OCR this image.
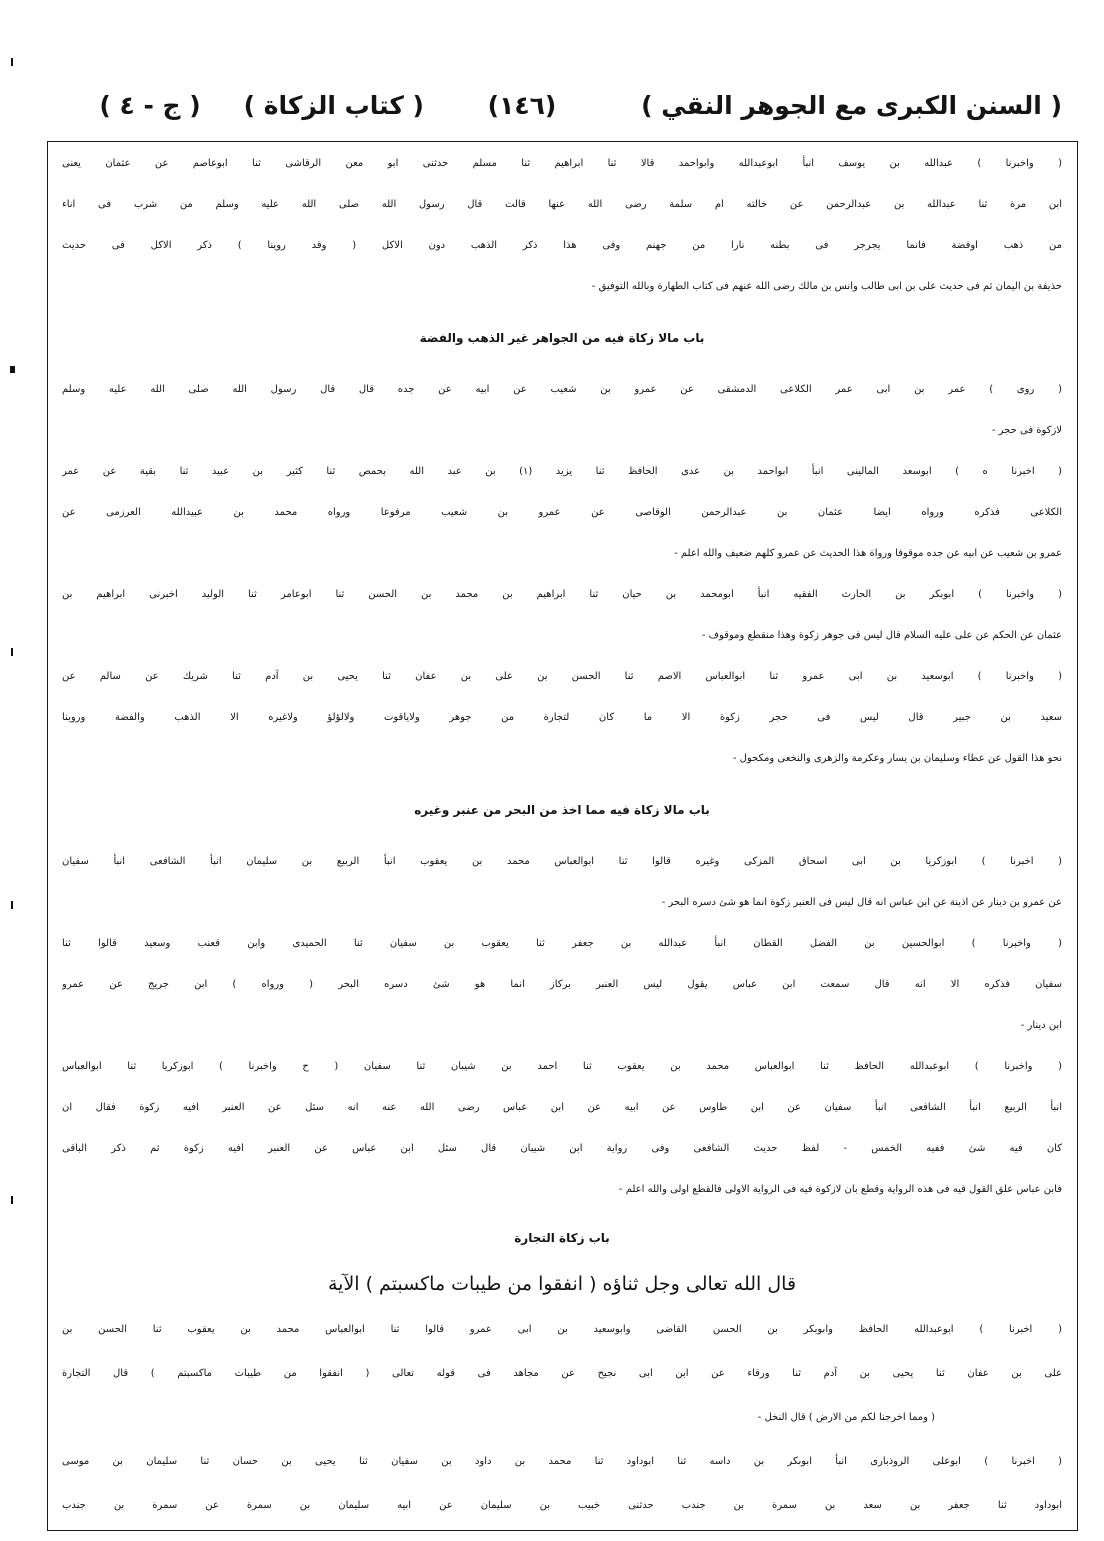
( السنن الكبرى مع الجوهر النقي )
(١٤٦)
( كتاب الزكاة )
( ج - ٤ )
( واخبرنا ) عبدالله بن يوسف انبأ ابوعبدالله وابواحمد قالا ثنا ابراهيم ثنا مسلم حدثنى ابو معن الرقاشى ثنا ابوعاصم عن عثمان يعنى
ابن مرة ثنا عبدالله بن عبدالرحمن عن خالته ام سلمة رضى الله عنها قالت قال رسول الله صلى الله عليه وسلم من شرب فى اناء
من ذهب اوفضة فانما يجرجر فى بطنه نارا من جهنم وفى هذا ذكر الذهب دون الاكل ( وقد روينا ) ذكر الاكل فى حديث
حذيفة بن اليمان ثم فى حديث على بن ابى طالب وانس بن مالك رضى الله عنهم فى كتاب الطهارة وبالله التوفيق -
باب مالا زكاة فيه من الجواهر غير الذهب والفضة
( روى ) عمر بن ابى عمر الكلاعى الدمشقى عن عمرو بن شعيب عن ابيه عن جده قال قال رسول الله صلى الله عليه وسلم
لازكوة فى حجر -
( اخبرنا ه ) ابوسعد المالينى انبأ ابواحمد بن عدى الحافظ ثنا يزيد (١) بن عبد الله بحمص ثنا كثير بن عبيد ثنا بقية عن عمر
الكلاعى فذكره ورواه ايضا عثمان بن عبدالرحمن الوقاصى عن عمرو بن شعيب مرفوعا ورواه محمد بن عبيدالله العرزمى عن
عمرو بن شعيب عن ابيه عن جده موقوفا ورواة هذا الحديث عن عمرو كلهم ضعيف والله اعلم -
( واخبرنا ) ابوبكر بن الحارث الفقيه انبأ ابومحمد بن حيان ثنا ابراهيم بن محمد بن الحسن ثنا ابوعامر ثنا الوليد اخبرنى ابراهيم بن
عثمان عن الحكم عن على عليه السلام قال ليس فى جوهر زكوة وهذا منقطع وموقوف -
( واخبرنا ) ابوسعيد بن ابى عمرو ثنا ابوالعباس الاصم ثنا الحسن بن على بن عفان ثنا يحيى بن آدم ثنا شريك عن سالم عن
سعيد بن جبير قال ليس فى حجر زكوة الا ما كان لتجارة من جوهر ولاياقوت ولالؤلؤ ولاغيره الا الذهب والفضة وروينا
نحو هذا القول عن عطاء وسليمان بن يسار وعكرمة والزهرى والنخعى ومكحول -
باب مالا زكاة فيه مما اخذ من البحر من عنبر وغيره
( اخبرنا ) ابوزكريا بن ابى اسحاق المزكى وغيره قالوا ثنا ابوالعباس محمد بن يعقوب انبأ الربيع بن سليمان انبأ الشافعى انبأ سفيان
عن عمرو بن دينار عن اذينة عن ابن عباس انه قال ليس فى العنبر زكوة انما هو شئ دسره البحر -
( واخبرنا ) ابوالحسين بن الفضل القطان انبأ عبدالله بن جعفر ثنا يعقوب بن سفيان ثنا الحميدى وابن قعنب وسعيد قالوا ثنا
سفيان فذكره الا انه قال سمعت ابن عباس يقول ليس العنبر بركاز انما هو شئ دسره البحر ( ورواه ) ابن جريج عن عمرو
ابن دينار -
( واخبرنا ) ابوعبدالله الحافظ ثنا ابوالعباس محمد بن يعقوب ثنا احمد بن شيبان ثنا سفيان ( ح واخبرنا ) ابوزكريا ثنا ابوالعباس
انبأ الربيع انبأ الشافعى انبأ سفيان عن ابن طاوس عن ابيه عن ابن عباس رضى الله عنه انه سئل عن العنبر افيه زكوة فقال ان
كان فيه شئ ففيه الخمس - لفظ حديث الشافعى وفى رواية ابن شيبان قال سئل ابن عباس عن العنبر افيه زكوة ثم ذكر الباقى
فابن عباس علق القول فيه فى هذه الرواية وقطع بان لازكوة فيه فى الرواية الاولى فالقطع اولى والله اعلم -
باب زكاة التجارة
قال الله تعالى وجل ثناؤه ( انفقوا من طيبات ماكسبتم ) الآية
( اخبرنا ) ابوعبدالله الحافظ وابوبكر بن الحسن القاضى وابوسعيد بن ابى عمرو قالوا ثنا ابوالعباس محمد بن يعقوب ثنا الحسن بن
على بن عفان ثنا يحيى بن آدم ثنا ورقاء عن ابن ابى نجيح عن مجاهد فى قوله تعالى ( انفقوا من طيبات ماكسبتم ) قال التجارة
( ومما اخرجنا لكم من الارض ) قال النخل -
( اخبرنا ) ابوعلى الروذبارى انبأ ابوبكر بن داسه ثنا ابوداود ثنا محمد بن داود بن سفيان ثنا يحيى بن حسان ثنا سليمان بن موسى
ابوداود ثنا جعفر بن سعد بن سمرة بن جندب حدثنى خبيب بن سليمان عن ابيه سليمان بن سمرة عن سمرة بن جندب
